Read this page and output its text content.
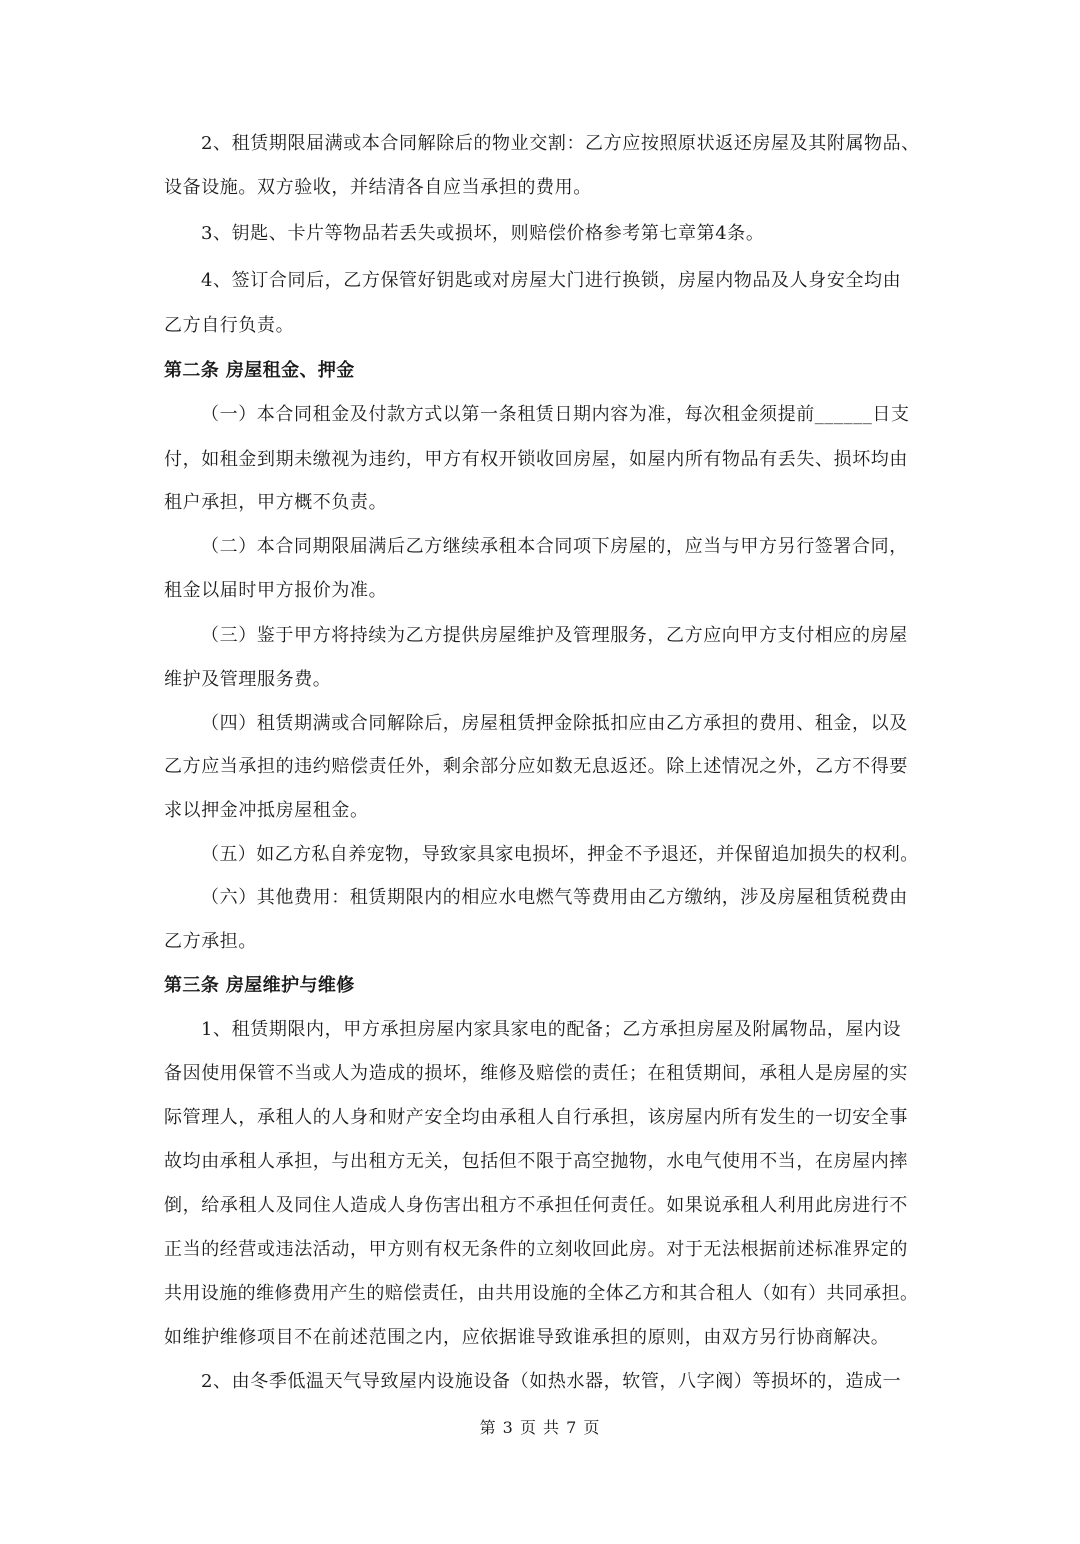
2、租赁期限届满或本合同解除后的物业交割：乙方应按照原状返还房屋及其附属物品、
设备设施。双方验收，并结清各自应当承担的费用。
3、钥匙、卡片等物品若丢失或损坏，则赔偿价格参考第七章第4条。
4、签订合同后，乙方保管好钥匙或对房屋大门进行换锁，房屋内物品及人身安全均由
乙方自行负责。
第二条 房屋租金、押金
（一）本合同租金及付款方式以第一条租赁日期内容为准，每次租金须提前______日支
付，如租金到期未缴视为违约，甲方有权开锁收回房屋，如屋内所有物品有丢失、损坏均由
租户承担，甲方概不负责。
（二）本合同期限届满后乙方继续承租本合同项下房屋的，应当与甲方另行签署合同，
租金以届时甲方报价为准。
（三）鉴于甲方将持续为乙方提供房屋维护及管理服务，乙方应向甲方支付相应的房屋
维护及管理服务费。
（四）租赁期满或合同解除后，房屋租赁押金除抵扣应由乙方承担的费用、租金，以及
乙方应当承担的违约赔偿责任外，剩余部分应如数无息返还。除上述情况之外，乙方不得要
求以押金冲抵房屋租金。
（五）如乙方私自养宠物，导致家具家电损坏，押金不予退还，并保留追加损失的权利。
（六）其他费用：租赁期限内的相应水电燃气等费用由乙方缴纳，涉及房屋租赁税费由
乙方承担。
第三条 房屋维护与维修
1、租赁期限内，甲方承担房屋内家具家电的配备；乙方承担房屋及附属物品，屋内设
备因使用保管不当或人为造成的损坏，维修及赔偿的责任；在租赁期间，承租人是房屋的实
际管理人，承租人的人身和财产安全均由承租人自行承担，该房屋内所有发生的一切安全事
故均由承租人承担，与出租方无关，包括但不限于高空抛物，水电气使用不当，在房屋内摔
倒，给承租人及同住人造成人身伤害出租方不承担任何责任。如果说承租人利用此房进行不
正当的经营或违法活动，甲方则有权无条件的立刻收回此房。对于无法根据前述标准界定的
共用设施的维修费用产生的赔偿责任，由共用设施的全体乙方和其合租人（如有）共同承担。
如维护维修项目不在前述范围之内，应依据谁导致谁承担的原则，由双方另行协商解决。
2、由冬季低温天气导致屋内设施设备（如热水器，软管，八字阀）等损坏的，造成一
第 3 页 共 7 页
